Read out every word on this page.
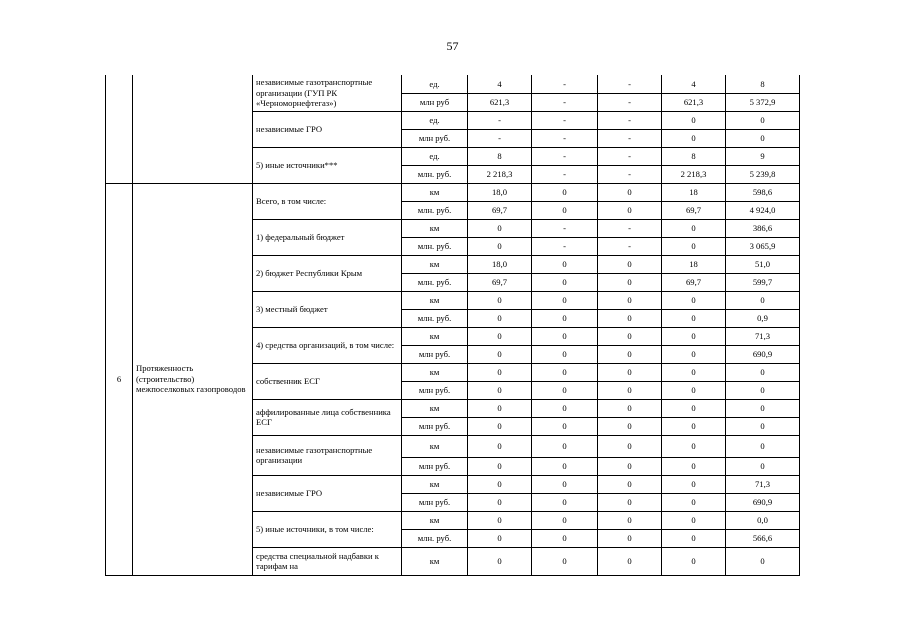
57
		независимые газотранспортные организации (ГУП РК «Черноморнефтегаз»)	ед.	4	-	-	4	8
			млн руб	621,3	-	-	621,3	5 372,9
		независимые ГРО	ед.	-	-	-	0	0
			млн руб.	-	-	-	0	0
		5) иные источники***	ед.	8	-	-	8	9
			млн. руб.	2 218,3	-	-	2 218,3	5 239,8
6	Протяженность (строительство) межпоселковых газопроводов	Всего, в том числе:	км	18,0	0	0	18	598,6
			млн. руб.	69,7	0	0	69,7	4 924,0
		1) федеральный бюджет	км	0	-	-	0	386,6
			млн. руб.	0	-	-	0	3 065,9
		2) бюджет Республики Крым	км	18,0	0	0	18	51,0
			млн. руб.	69,7	0	0	69,7	599,7
		3) местный бюджет	км	0	0	0	0	0
			млн. руб.	0	0	0	0	0,9
		4) средства организаций, в том числе:	км	0	0	0	0	71,3
			млн руб.	0	0	0	0	690,9
		собственник ЕСГ	км	0	0	0	0	0
			млн руб.	0	0	0	0	0
		аффилированные лица собственника ЕСГ	км	0	0	0	0	0
			млн руб.	0	0	0	0	0
		независимые газотранспортные организации	км	0	0	0	0	0
			млн руб.	0	0	0	0	0
		независимые ГРО	км	0	0	0	0	71,3
			млн руб.	0	0	0	0	690,9
		5) иные источники, в том числе:	км	0	0	0	0	0,0
			млн. руб.	0	0	0	0	566,6
		средства специальной надбавки к тарифам на	км	0	0	0	0	0
